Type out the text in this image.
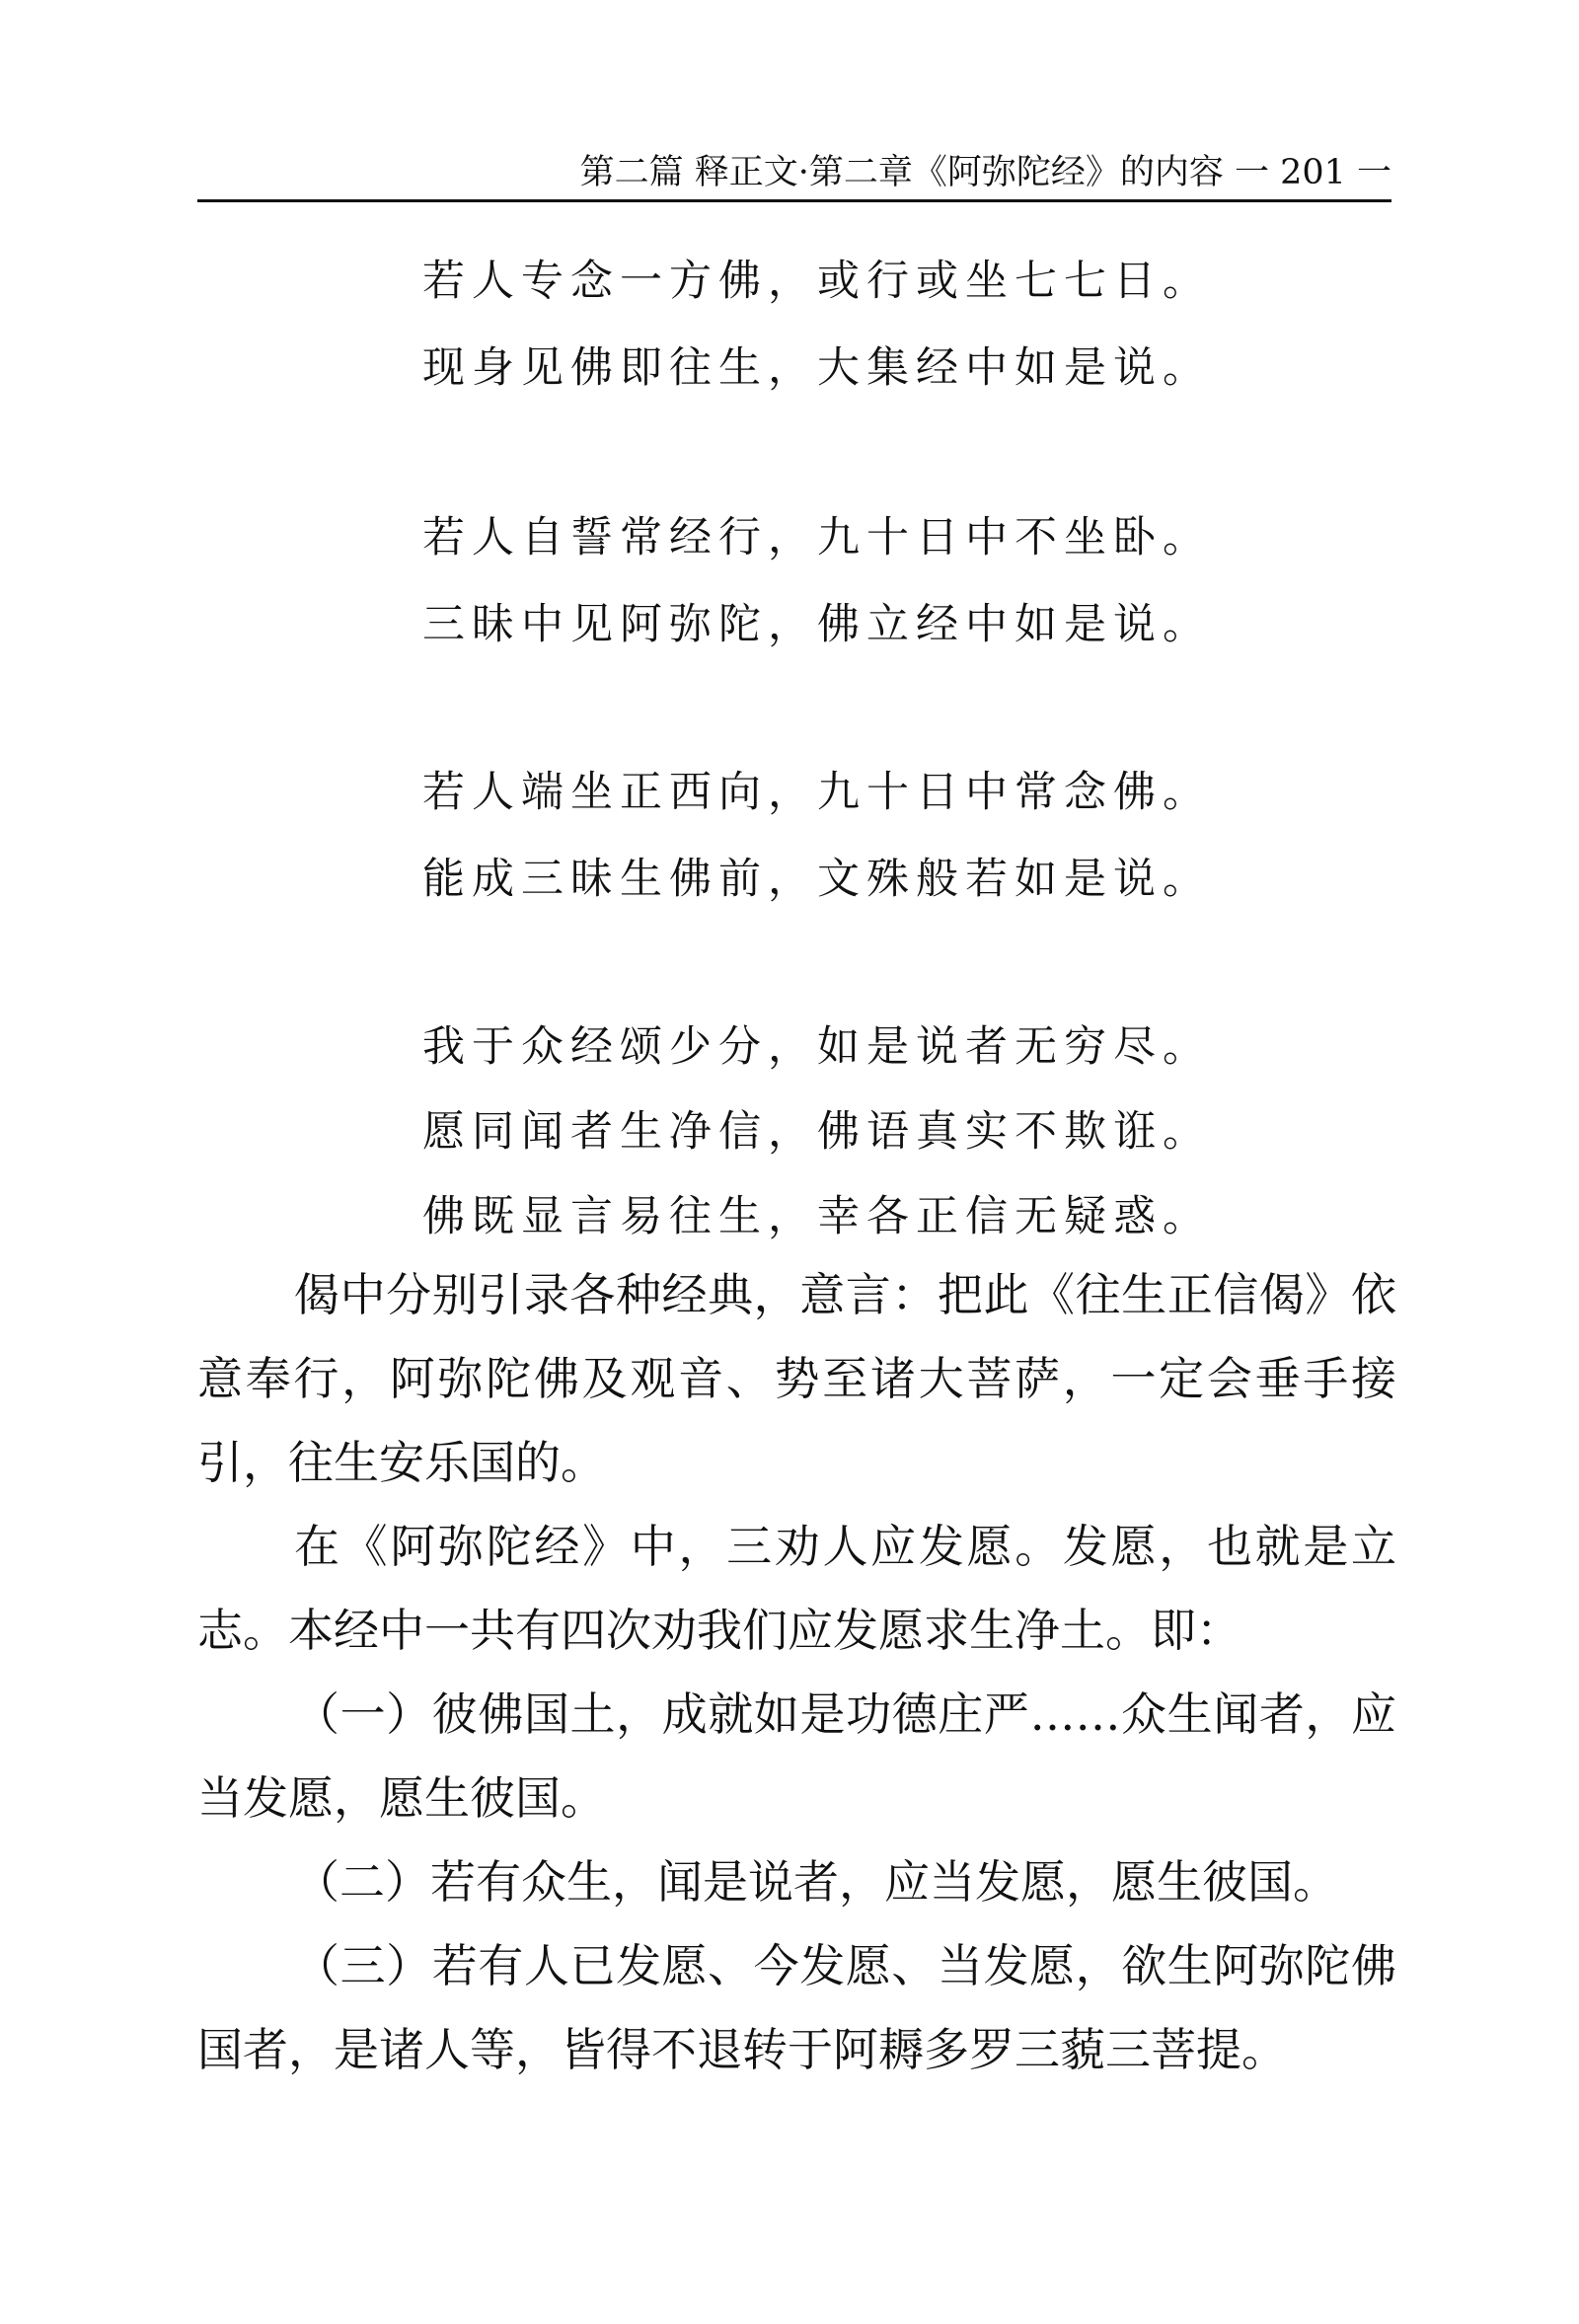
第二篇 释正文·第二章《阿弥陀经》的内容 一 201 一
若人专念一方佛，或行或坐七七日。
现身见佛即往生，大集经中如是说。
若人自誓常经行，九十日中不坐卧。
三昧中见阿弥陀，佛立经中如是说。
若人端坐正西向，九十日中常念佛。
能成三昧生佛前，文殊般若如是说。
我于众经颂少分，如是说者无穷尽。
愿同闻者生净信，佛语真实不欺诳。
佛既显言易往生，幸各正信无疑惑。

偈中分别引录各种经典，意言：把此《往生正信偈》依意奉行，阿弥陀佛及观音、势至诸大菩萨，一定会垂手接引，往生安乐国的。

在《阿弥陀经》中，三劝人应发愿。发愿，也就是立志。本经中一共有四次劝我们应发愿求生净土。即：

（一）彼佛国土，成就如是功德庄严……众生闻者，应当发愿，愿生彼国。

（二）若有众生，闻是说者，应当发愿，愿生彼国。

（三）若有人已发愿、今发愿、当发愿，欲生阿弥陀佛国者，是诸人等，皆得不退转于阿耨多罗三藐三菩提。
